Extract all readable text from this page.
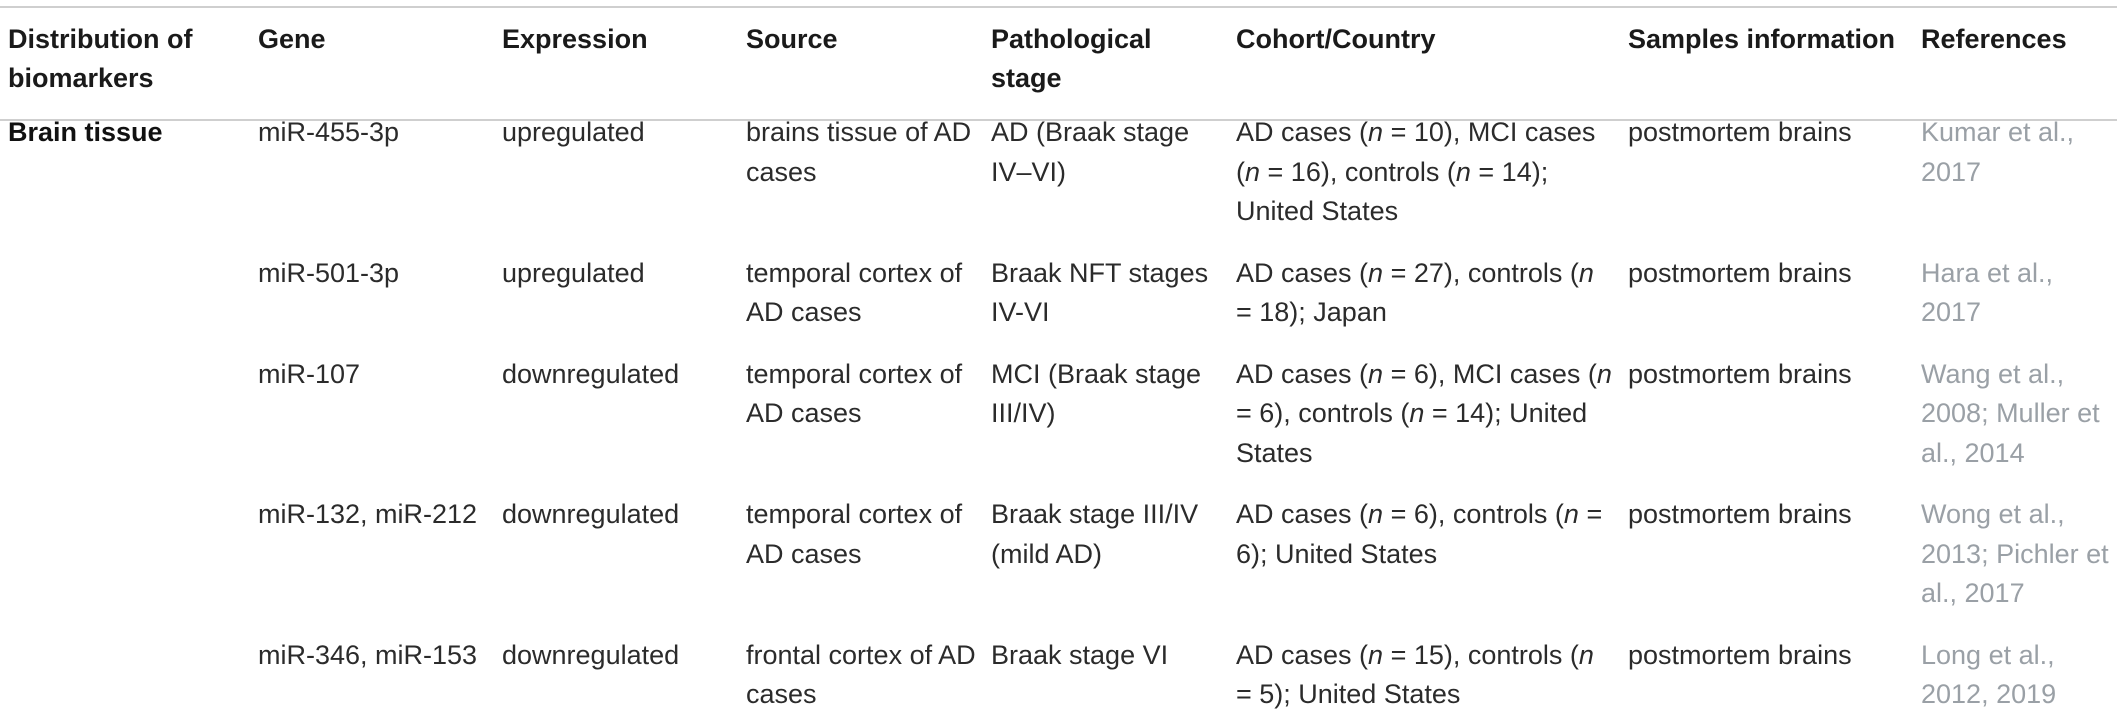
Distribution of biomarkers	Gene	Expression	Source	Pathological stage	Cohort/Country	Samples information	References
Brain tissue	miR-455-3p	upregulated	brains tissue of AD cases	AD (Braak stage IV–VI)	AD cases (n = 10), MCI cases (n = 16), controls (n = 14); United States	postmortem brains	Kumar et al., 2017
	miR-501-3p	upregulated	temporal cortex of AD cases	Braak NFT stages IV-VI	AD cases (n = 27), controls (n = 18); Japan	postmortem brains	Hara et al., 2017
	miR-107	downregulated	temporal cortex of AD cases	MCI (Braak stage III/IV)	AD cases (n = 6), MCI cases (n = 6), controls (n = 14); United States	postmortem brains	Wang et al., 2008; Muller et al., 2014
	miR-132, miR-212	downregulated	temporal cortex of AD cases	Braak stage III/IV (mild AD)	AD cases (n = 6), controls (n = 6); United States	postmortem brains	Wong et al., 2013; Pichler et al., 2017
	miR-346, miR-153	downregulated	frontal cortex of AD cases	Braak stage VI	AD cases (n = 15), controls (n = 5); United States	postmortem brains	Long et al., 2012, 2019
